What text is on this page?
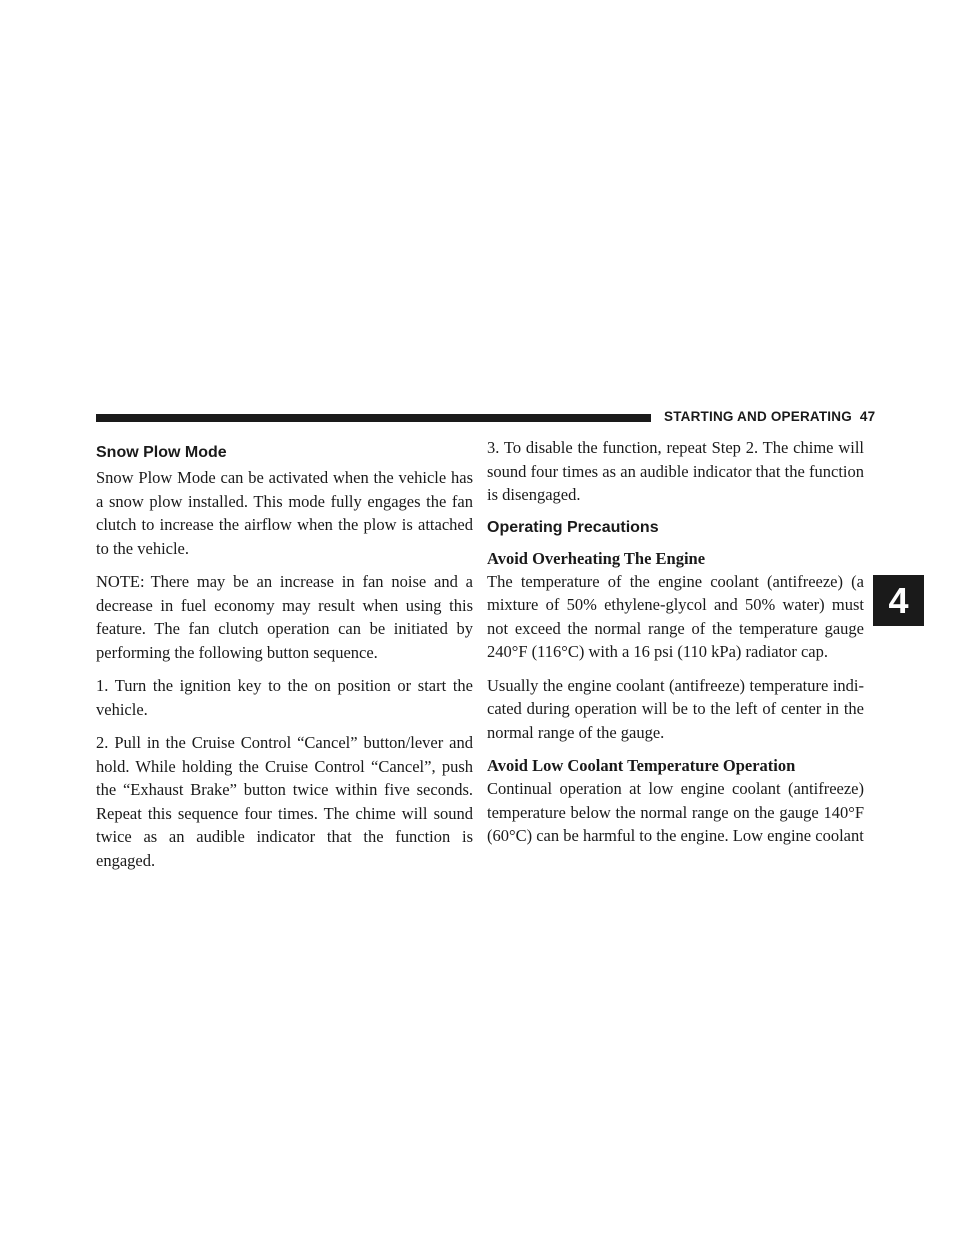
STARTING AND OPERATING 47
4
Snow Plow Mode

Snow Plow Mode can be activated when the vehicle has a snow plow installed. This mode fully engages the fan clutch to increase the airflow when the plow is attached to the vehicle.

NOTE: There may be an increase in fan noise and a decrease in fuel economy may result when using this feature. The fan clutch operation can be initiated by performing the following button sequence.

1. Turn the ignition key to the on position or start the vehicle.

2. Pull in the Cruise Control “Cancel” button/lever and hold. While holding the Cruise Control “Cancel”, push the “Exhaust Brake” button twice within five seconds. Repeat this sequence four times. The chime will sound twice as an audible indicator that the function is engaged.

3. To disable the function, repeat Step 2. The chime will sound four times as an audible indicator that the function is disengaged.

Operating Precautions
Avoid Overheating The Engine

The temperature of the engine coolant (antifreeze) (a mixture of 50% ethylene-glycol and 50% water) must not exceed the normal range of the temperature gauge 240°F (116°C) with a 16 psi (110 kPa) radiator cap.

Usually the engine coolant (antifreeze) temperature indi-cated during operation will be to the left of center in the normal range of the gauge.

Avoid Low Coolant Temperature Operation

Continual operation at low engine coolant (antifreeze) temperature below the normal range on the gauge 140°F (60°C) can be harmful to the engine. Low engine coolant
